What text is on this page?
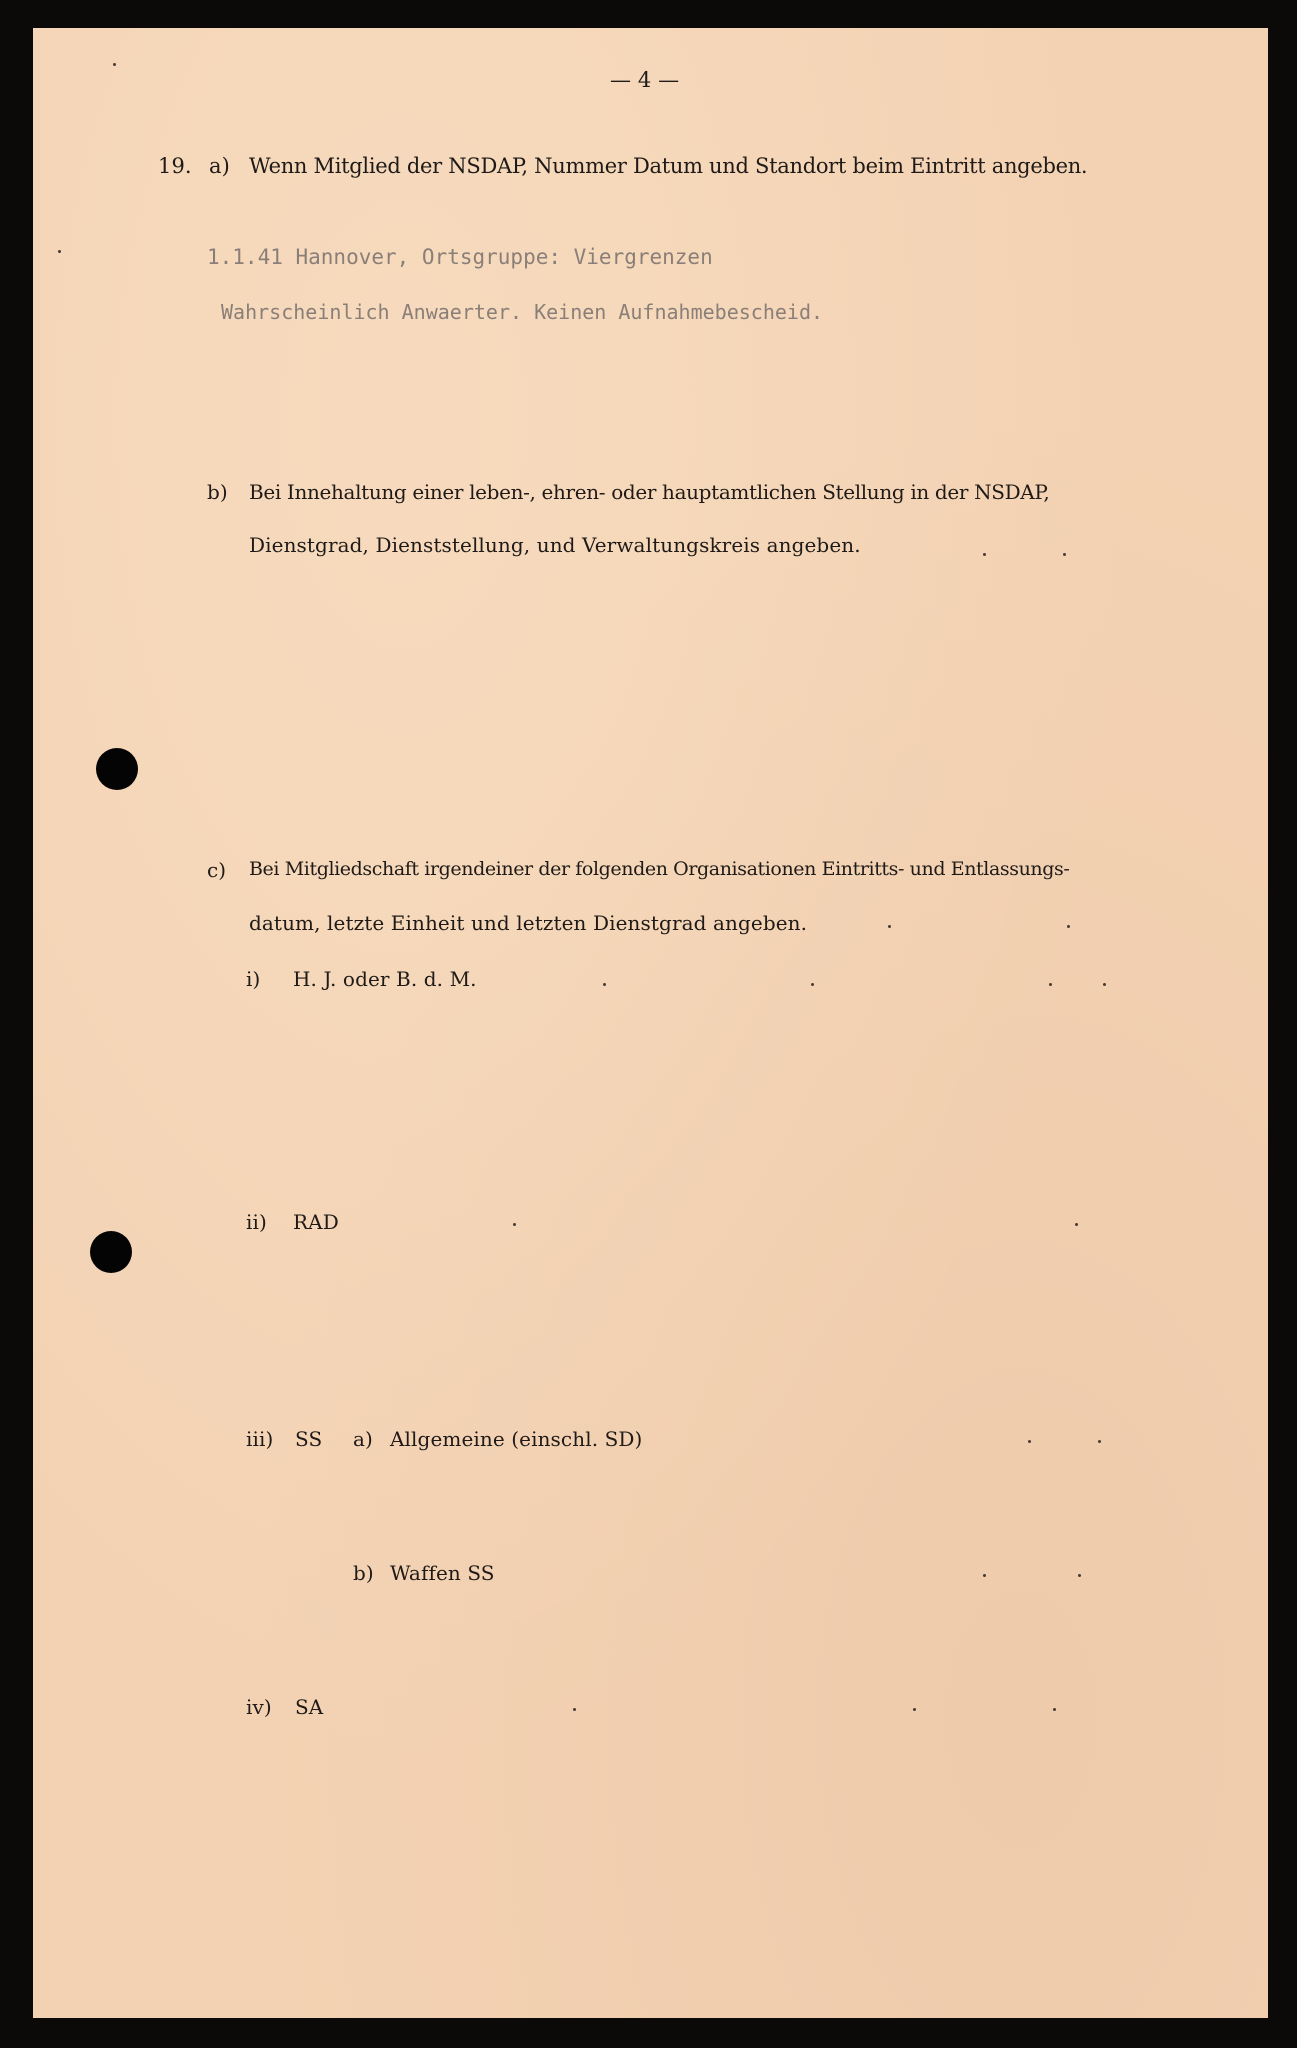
— 4 —
19. a) Wenn Mitglied der NSDAP, Nummer Datum und Standort beim Eintritt angeben.
1.1.41 Hannover, Ortsgruppe: Viergrenzen
Wahrscheinlich Anwaerter. Keinen Aufnahmebescheid.
b) Bei Innehaltung einer leben-, ehren- oder hauptamtlichen Stellung in der NSDAP,
Dienstgrad, Dienststellung, und Verwaltungskreis angeben.
c) Bei Mitgliedschaft irgendeiner der folgenden Organisationen Eintritts- und Entlassungs-
datum, letzte Einheit und letzten Dienstgrad angeben.
i) H. J. oder B. d. M.
ii) RAD
iii) SS a) Allgemeine (einschl. SD)
b) Waffen SS
iv) SA
